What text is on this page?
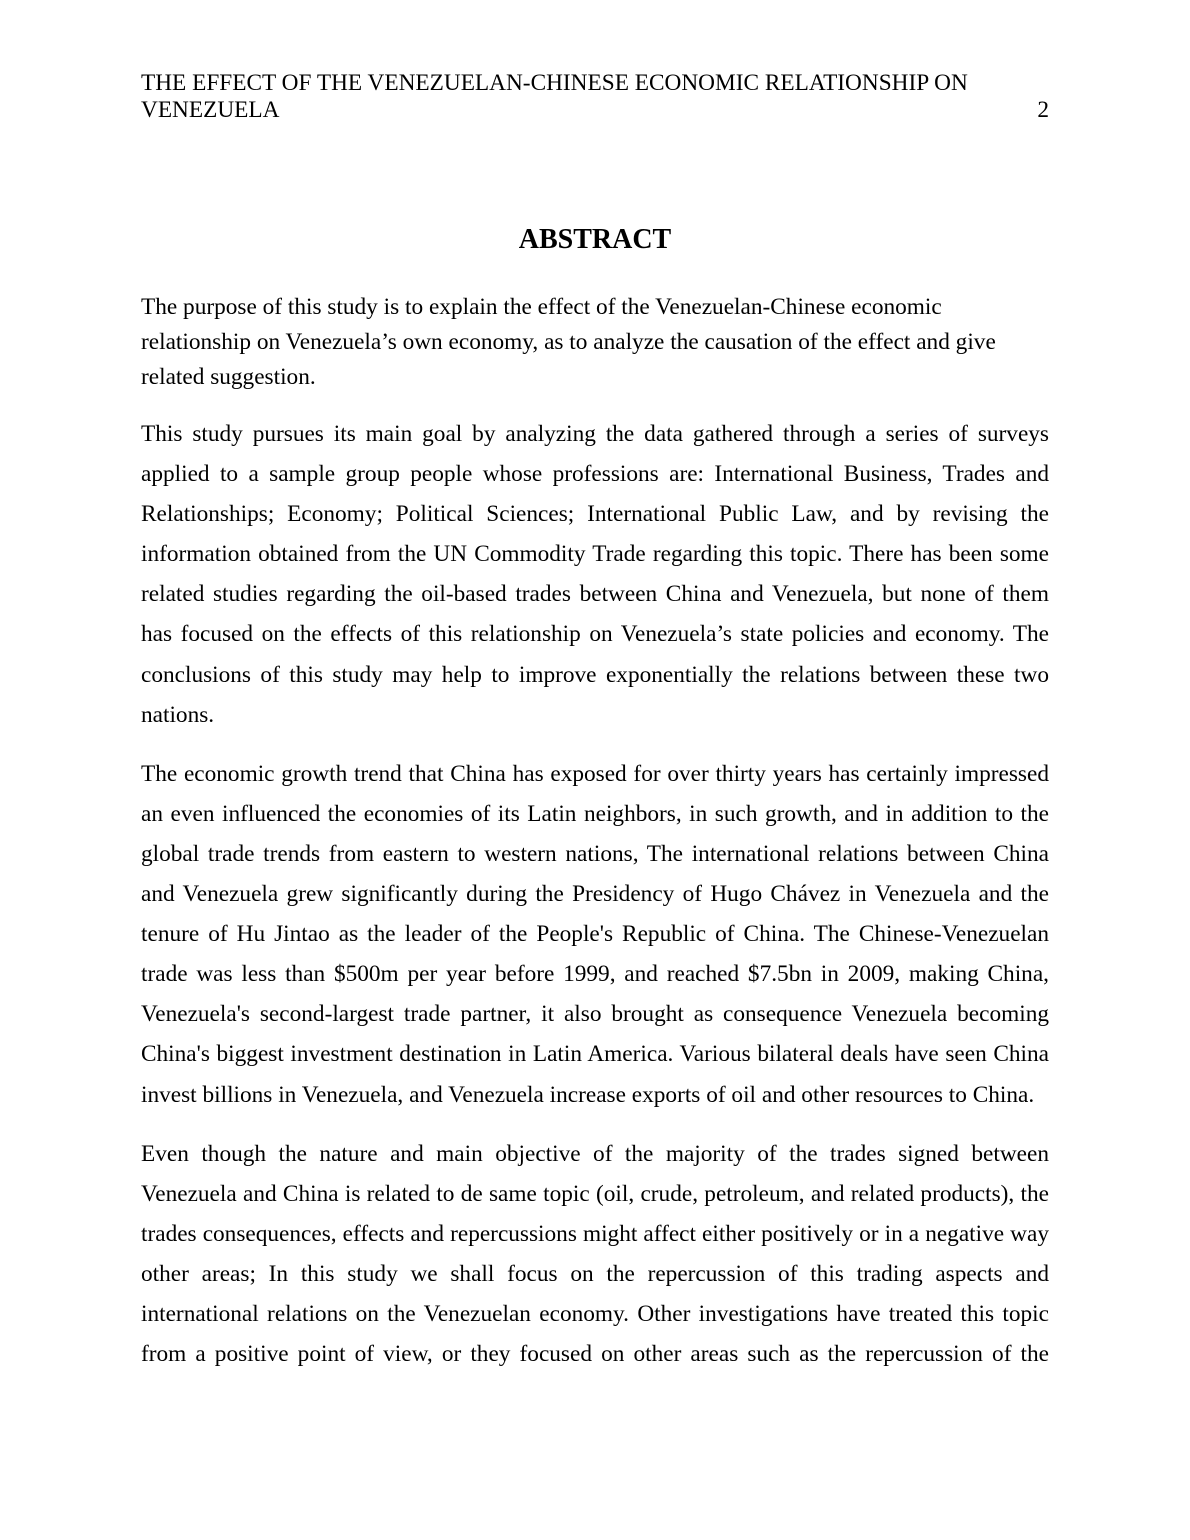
THE EFFECT OF THE VENEZUELAN-CHINESE ECONOMIC RELATIONSHIP ON VENEZUELA	2
ABSTRACT

The purpose of this study is to explain the effect of the Venezuelan-Chinese economic relationship on Venezuela’s own economy, as to analyze the causation of the effect and give related suggestion.

This study pursues its main goal by analyzing the data gathered through a series of surveys applied to a sample group people whose professions are: International Business, Trades and Relationships; Economy; Political Sciences; International Public Law, and by revising the information obtained from the UN Commodity Trade regarding this topic. There has been some related studies regarding the oil-based trades between China and Venezuela, but none of them has focused on the effects of this relationship on Venezuela’s state policies and economy. The conclusions of this study may help to improve exponentially the relations between these two nations.

The economic growth trend that China has exposed for over thirty years has certainly impressed an even influenced the economies of its Latin neighbors, in such growth, and in addition to the global trade trends from eastern to western nations, The international relations between China and Venezuela grew significantly during the Presidency of Hugo Chávez in Venezuela and the tenure of Hu Jintao as the leader of the People's Republic of China. The Chinese-Venezuelan trade was less than $500m per year before 1999, and reached $7.5bn in 2009, making China, Venezuela's second-largest trade partner, it also brought as consequence Venezuela becoming China's biggest investment destination in Latin America. Various bilateral deals have seen China invest billions in Venezuela, and Venezuela increase exports of oil and other resources to China.

Even though the nature and main objective of the majority of the trades signed between Venezuela and China is related to de same topic (oil, crude, petroleum, and related products), the trades consequences, effects and repercussions might affect either positively or in a negative way other areas; In this study we shall focus on the repercussion of this trading aspects and international relations on the Venezuelan economy. Other investigations have treated this topic from a positive point of view, or they focused on other areas such as the repercussion of the
